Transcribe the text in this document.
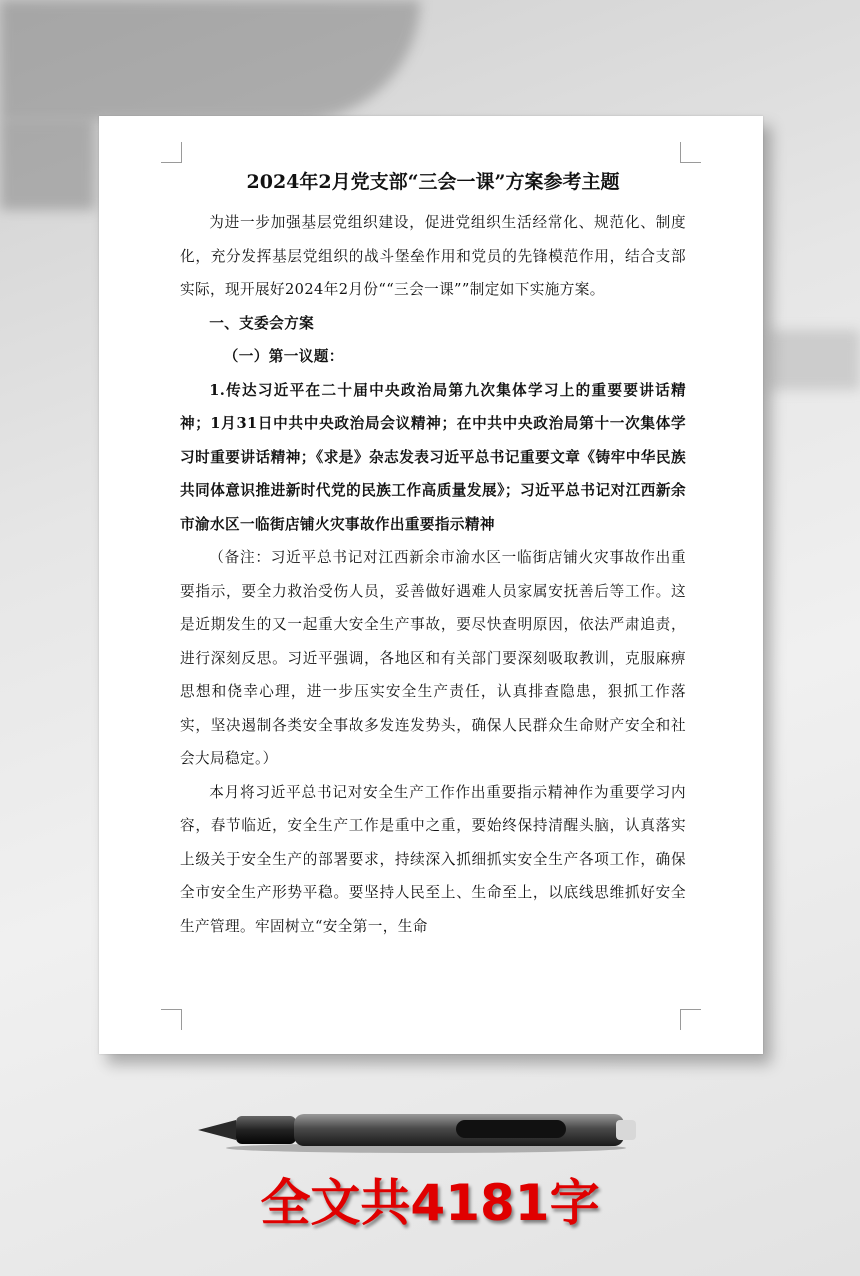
2024年2月党支部“三会一课”方案参考主题

为进一步加强基层党组织建设，促进党组织生活经常化、规范化、制度化，充分发挥基层党组织的战斗堡垒作用和党员的先锋模范作用，结合支部实际，现开展好2024年2月份““三会一课””制定如下实施方案。

一、支委会方案

（一）第一议题：

1.传达习近平在二十届中央政治局第九次集体学习上的重要要讲话精神；1月31日中共中央政治局会议精神；在中共中央政治局第十一次集体学习时重要讲话精神；《求是》杂志发表习近平总书记重要文章《铸牢中华民族共同体意识推进新时代党的民族工作高质量发展》；习近平总书记对江西新余市渝水区一临街店铺火灾事故作出重要指示精神

（备注：习近平总书记对江西新余市渝水区一临街店铺火灾事故作出重要指示，要全力救治受伤人员，妥善做好遇难人员家属安抚善后等工作。这是近期发生的又一起重大安全生产事故，要尽快查明原因，依法严肃追责，进行深刻反思。习近平强调，各地区和有关部门要深刻吸取教训，克服麻痹思想和侥幸心理，进一步压实安全生产责任，认真排查隐患，狠抓工作落实，坚决遏制各类安全事故多发连发势头，确保人民群众生命财产安全和社会大局稳定。）

本月将习近平总书记对安全生产工作作出重要指示精神作为重要学习内容，春节临近，安全生产工作是重中之重，要始终保持清醒头脑，认真落实上级关于安全生产的部署要求，持续深入抓细抓实安全生产各项工作，确保全市安全生产形势平稳。要坚持人民至上、生命至上，以底线思维抓好安全生产管理。牢固树立“安全第一，生命

全文共4181字
